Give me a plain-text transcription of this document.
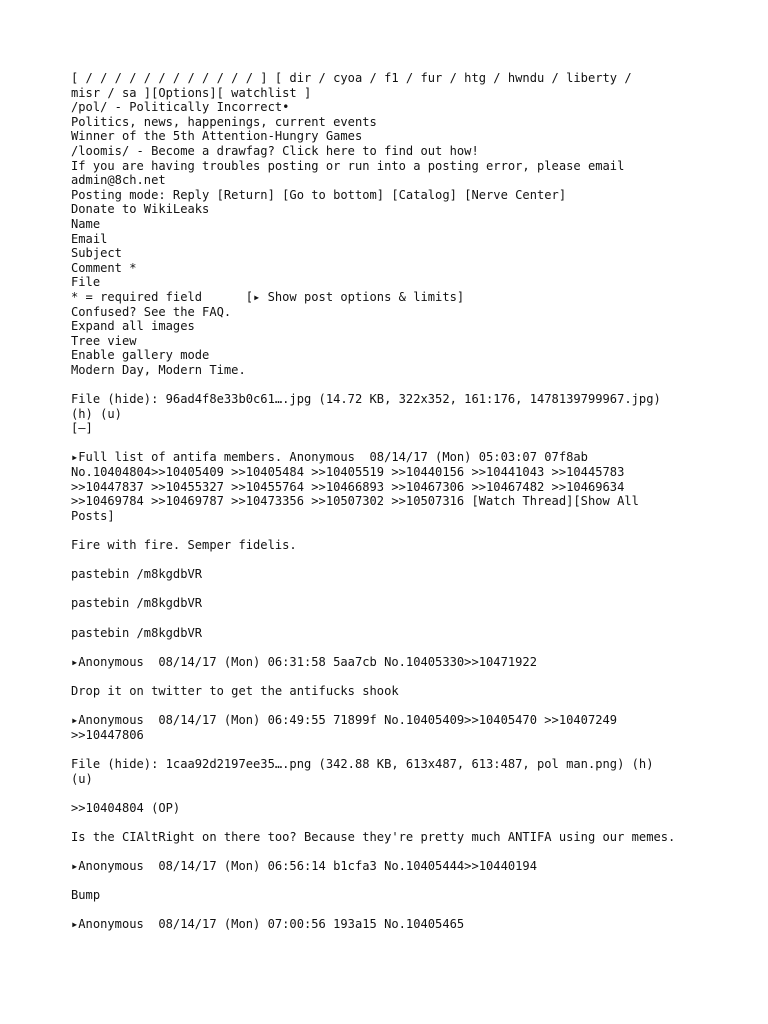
[ / / / / / / / / / / / / ] [ dir / cyoa / f1 / fur / htg / hwndu / liberty /
misr / sa ][Options][ watchlist ]
/pol/ - Politically Incorrect•
Politics, news, happenings, current events
Winner of the 5th Attention-Hungry Games
/loomis/ - Become a drawfag? Click here to find out how!
If you are having troubles posting or run into a posting error, please email
admin@8ch.net
Posting mode: Reply [Return] [Go to bottom] [Catalog] [Nerve Center]
Donate to WikiLeaks
Name
Email
Subject
Comment *
File
* = required field	[▸ Show post options & limits]
Confused? See the FAQ.
Expand all images
Tree view
Enable gallery mode
Modern Day, Modern Time.
File (hide): 96ad4f8e33b0c61….jpg (14.72 KB, 322x352, 161:176, 1478139799967.jpg)
(h) (u)
[–]
▸Full list of antifa members. Anonymous  08/14/17 (Mon) 05:03:07 07f8ab
No.10404804>>10405409 >>10405484 >>10405519 >>10440156 >>10441043 >>10445783
>>10447837 >>10455327 >>10455764 >>10466893 >>10467306 >>10467482 >>10469634
>>10469784 >>10469787 >>10473356 >>10507302 >>10507316 [Watch Thread][Show All
Posts]
Fire with fire. Semper fidelis.
pastebin /m8kgdbVR
pastebin /m8kgdbVR
pastebin /m8kgdbVR
▸Anonymous  08/14/17 (Mon) 06:31:58 5aa7cb No.10405330>>10471922
Drop it on twitter to get the antifucks shook
▸Anonymous  08/14/17 (Mon) 06:49:55 71899f No.10405409>>10405470 >>10407249
>>10447806
File (hide): 1caa92d2197ee35….png (342.88 KB, 613x487, 613:487, pol man.png) (h)
(u)
>>10404804 (OP)
Is the CIAltRight on there too? Because they're pretty much ANTIFA using our memes.
▸Anonymous  08/14/17 (Mon) 06:56:14 b1cfa3 No.10405444>>10440194
Bump
▸Anonymous  08/14/17 (Mon) 07:00:56 193a15 No.10405465
